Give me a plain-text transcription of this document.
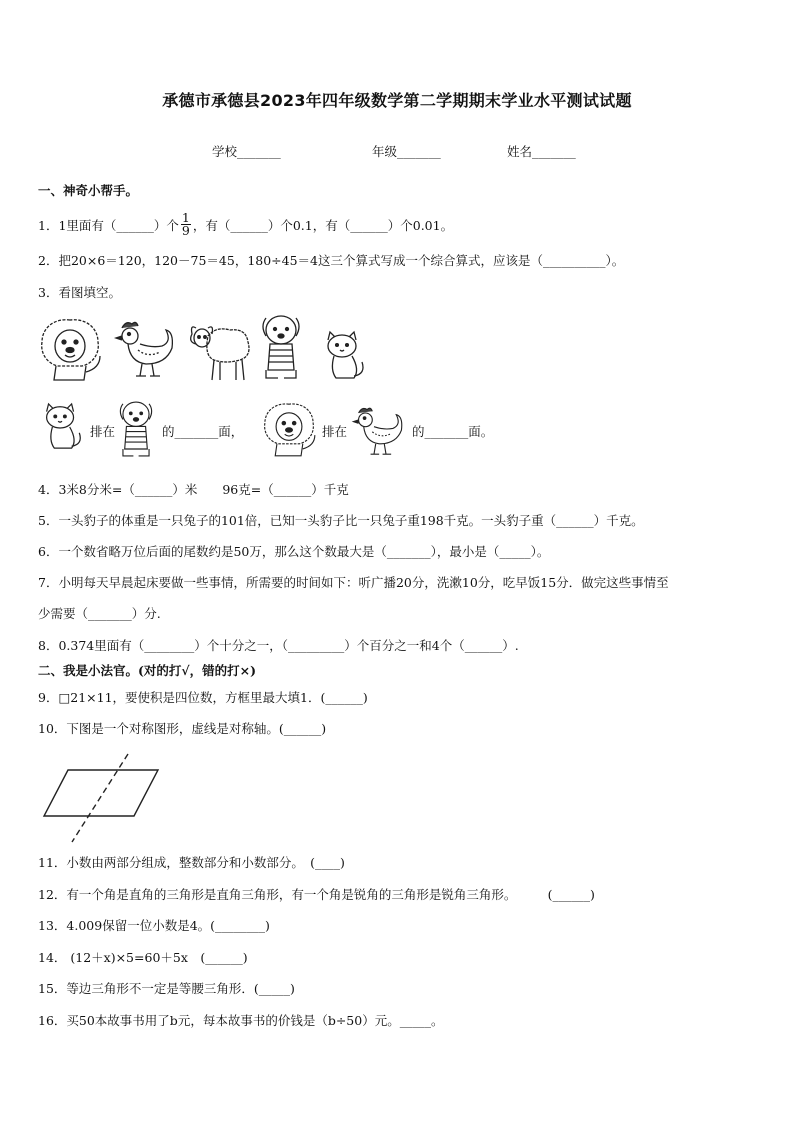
承德市承德县2023年四年级数学第二学期期末学业水平测试试题
学校_______	年级_______	姓名_______
一、神奇小帮手。
1．1里面有（______）个 $\frac{1}{9}$ ，有（______）个0.1，有（______）个0.01。
2．把20×6＝120，120－75＝45，180÷45＝4这三个算式写成一个综合算式，应该是（__________）。
3．看图填空。
排在	的_______面，	排在	的_______面。
4．3米8分米=（______）米　　96克=（______）千克
5．一头豹子的体重是一只兔子的101倍，已知一头豹子比一只兔子重198千克。一头豹子重（______）千克。
6．一个数省略万位后面的尾数约是50万，那么这个数最大是（_______），最小是（_____）。
7．小明每天早晨起床要做一些事情，所需要的时间如下：听广播20分，洗漱10分，吃早饭15分．做完这些事情至
少需要（_______）分.
8．0.374里面有（________）个十分之一，（_________）个百分之一和4个（______）.
二、我是小法官。(对的打√，错的打×)
9．□21×11，要使积是四位数，方框里最大填1．(______)
10．下图是一个对称图形，虚线是对称轴。(______)
11．小数由两部分组成，整数部分和小数部分。　(____)
12．有一个角是直角的三角形是直角三角形，有一个角是锐角的三角形是锐角三角形。　　　(______)
13．4.009保留一位小数是4。(________)
14． (12＋x)×5=60＋5x　(______)
15．等边三角形不一定是等腰三角形．(_____)
16．买50本故事书用了b元，每本故事书的价钱是（b÷50）元。_____。
